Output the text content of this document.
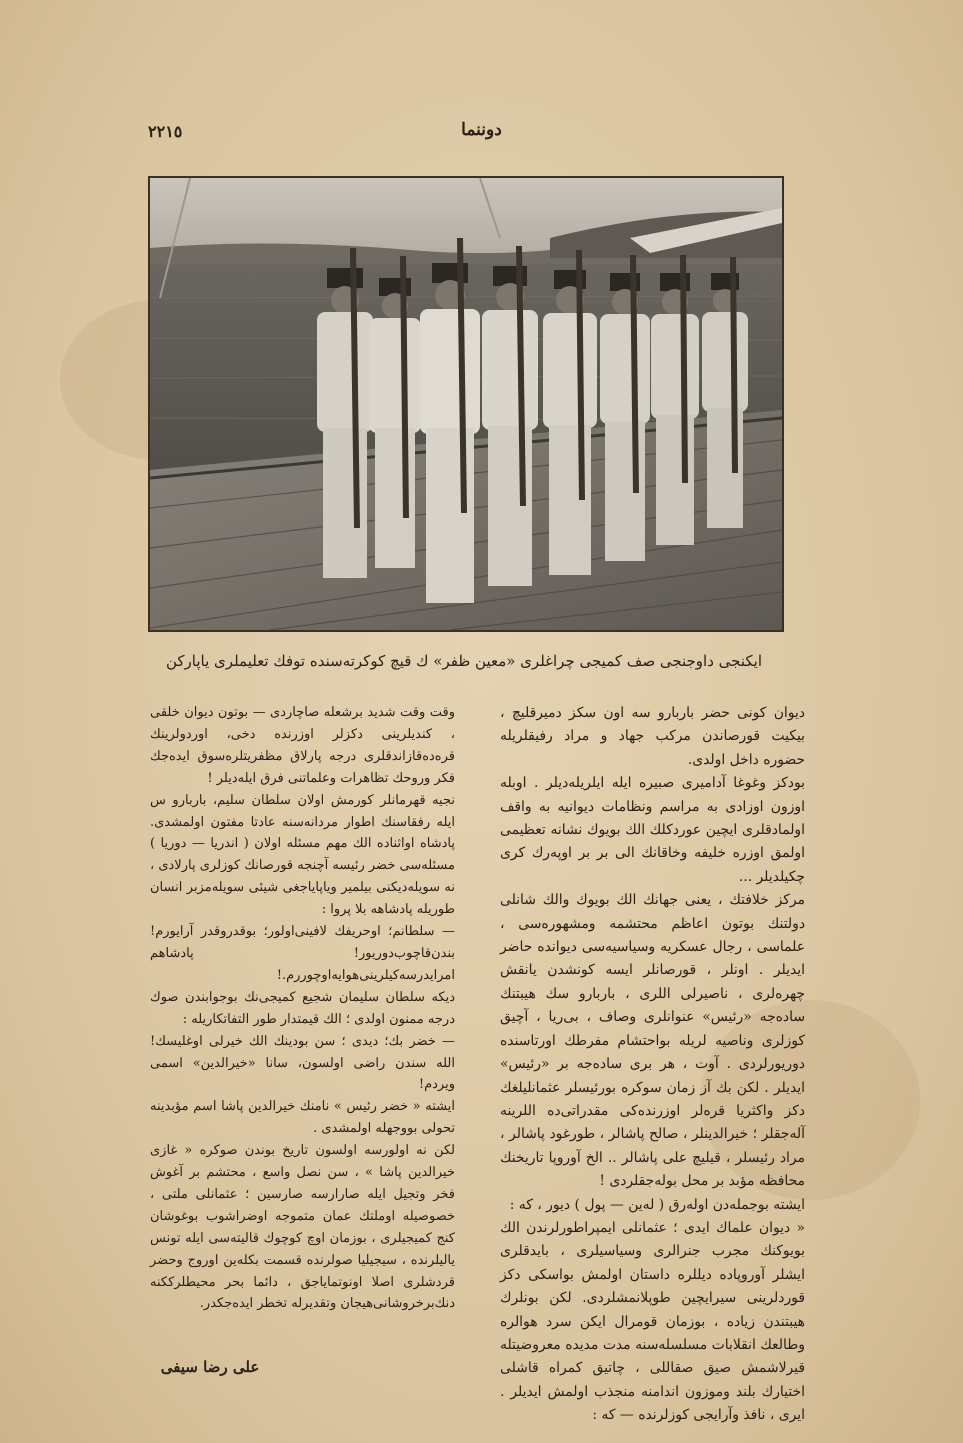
٢٢١٥	دوننما
ایكنجی داوجنجی صف كمیجی چراغلری «معین ظفر» ك قیچ كوكرته‌سنده توفك تعلیملری یاپاركن

دیوان كونی حضر باربارو سه اون سكز دمیرقلیچ ، بیكیت قورصاندن مركب جهاد و مراد رفیقلریله حضوره داخل اولدی.

بودكز وغوغا آدامیری صبیره ایله ایلریله‌دیلر . اوبله اوزون اوزادی به مراسم ونظامات دیوانیه به واقف اولمادقلری ایچین عوردكلك الك بویوك نشانه تعظیمی اولمق اوزره خلیفه وخاقانك الی بر بر اوپه‌رك كری چكیلدیلر ...

مركز خلافتك ، یعنی جهانك الك بویوك والك شانلی دولتنك بوتون اعاظم محتشمه ومشهوره‌سی ، علماسی ، رجال عسكریه وسیاسیه‌سی دیوانده حاضر ایدیلر . اونلر ، قورصانلر ایسه كونشدن یانقش چهره‌لری ، ناصیرلی اللری ، باربارو سك هیبتنك ساده‌جه «رئیس» عنوانلری وصاف ، بی‌ریا ، آچیق كوزلری وناصیه لریله بواحتشام مفرطك اورتاسنده دوریورلردی . آوت ، هر بری ساده‌جه بر «رئیس» ایدیلر . لكن بك آز زمان سوكره بورئیسلر عثمانلیلغك دكز واكثریا قره‌لر اوزرنده‌كی مقدراتی‌ده اللرینه آله‌جقلر ؛ خیرالدینلر ، صالح پاشالر ، طورغود پاشالر ، مراد رئیسلر ، قیلیچ علی پاشالر .. الخ آوروپا تاریخنك محافظه مؤبد بر محل بوله‌جقلردی !

ایشته بوجمله‌دن اولەرق ( لەین — پول ) دیور ، كه :

« دیوان علماك ایدی ؛ عثمانلی ایمپراطورلرندن الك بویوكنك مجرب جنرالری وسیاسیلری ، بایدقلری ایشلر آوروپاده دیللره داستان اولمش بواسكی دكز قوردلرینی سیرایچین طوپلانمشلردی. لكن بونلرك هیبتندن زیاده ، بوزمان قومرال ایكن سرد هوالره وطالعك انقلابات مسلسله‌سنه مدت مدیده معروضیتله قیرلاشمش صیق صقاللی ، چاتیق كمراه قاشلی اختیارك بلند وموزون اندامنه منجذب اولمش ایدیلر . ایری ، نافذ وآرایجی كوزلرنده — كه :

وقت وقت شدید برشعله صاچاردی — بوتون دیوان خلقی ، كندیلرینی دكزلر اوزرنده دخی، اوردولرینك قره‌ده‌قازاندقلری درجه پارلاق مظفریتلره‌سوق ایده‌جك فكر وروحك تظاهرات وعلماتنی فرق ایله‌دیلر !

نجیه قهرمانلر كورمش اولان سلطان سلیم، باربارو س ایله رفقاسنك اطوار مردانه‌سنه عادتا مفتون اولمشدی. پادشاه اواثناده الك مهم مسئله اولان ( اندریا — دوریا ) مسئله‌سی خضر رئیسه آچنجه قورصانك كوزلری پارلادی ، نه سویله‌دیكنی بیلمیر ویاپایاجغی شیئی سویله‌مزبر انسان طوریله پادشاهه بلا پروا :

— سلطانم؛ اوحریفك لافینی‌اولور؛ بوقدروقدر آرایورم! بندن‌قاچوب‌دوریور! پادشاهم امرایدرسه‌كیلرینی‌هوایه‌اوچوررم.!

دیكه سلطان سلیمان شجیع كمیجی‌نك بوجوابندن صوك درجه ممنون اولدی ؛ الك قیمتدار طور التفاتكاریله :

— خضر بك؛ دیدی ؛ سن بودینك الك خیرلی اوغلیسك! الله سندن راضی اولسون، سانا «خیرالدین» اسمی ویردم!

ایشته « خضر رئیس » نامنك خیرالدین پاشا اسم مؤبدینه تحولی بووجهله اولمشدی .

لكن نه اولورسه اولسون تاریخ بوندن صوكره « غازی خیرالدین پاشا » ، سن نصل واسع ، محتشم بر آغوش فخر وتجیل ایله صارارسه صارسین ؛ عثمانلی ملتی ، خصوصیله اوملتك عمان متموجه اوضراشوب بوغوشان كنج كمیجیلری ، بوزمان اوچ كوچوك قالیته‌سی ایله تونس یالیلرنده ، سیجیلیا صولرنده قسمت بكله‌ین اوروج وحضر قردشلری اصلا اونوتمایاجق ، دائما بحر محیطلرككنه دنك‌برخروشانی‌هیجان وتقدیرله تخطر ایده‌جكدر.

علی رضا سیفی
